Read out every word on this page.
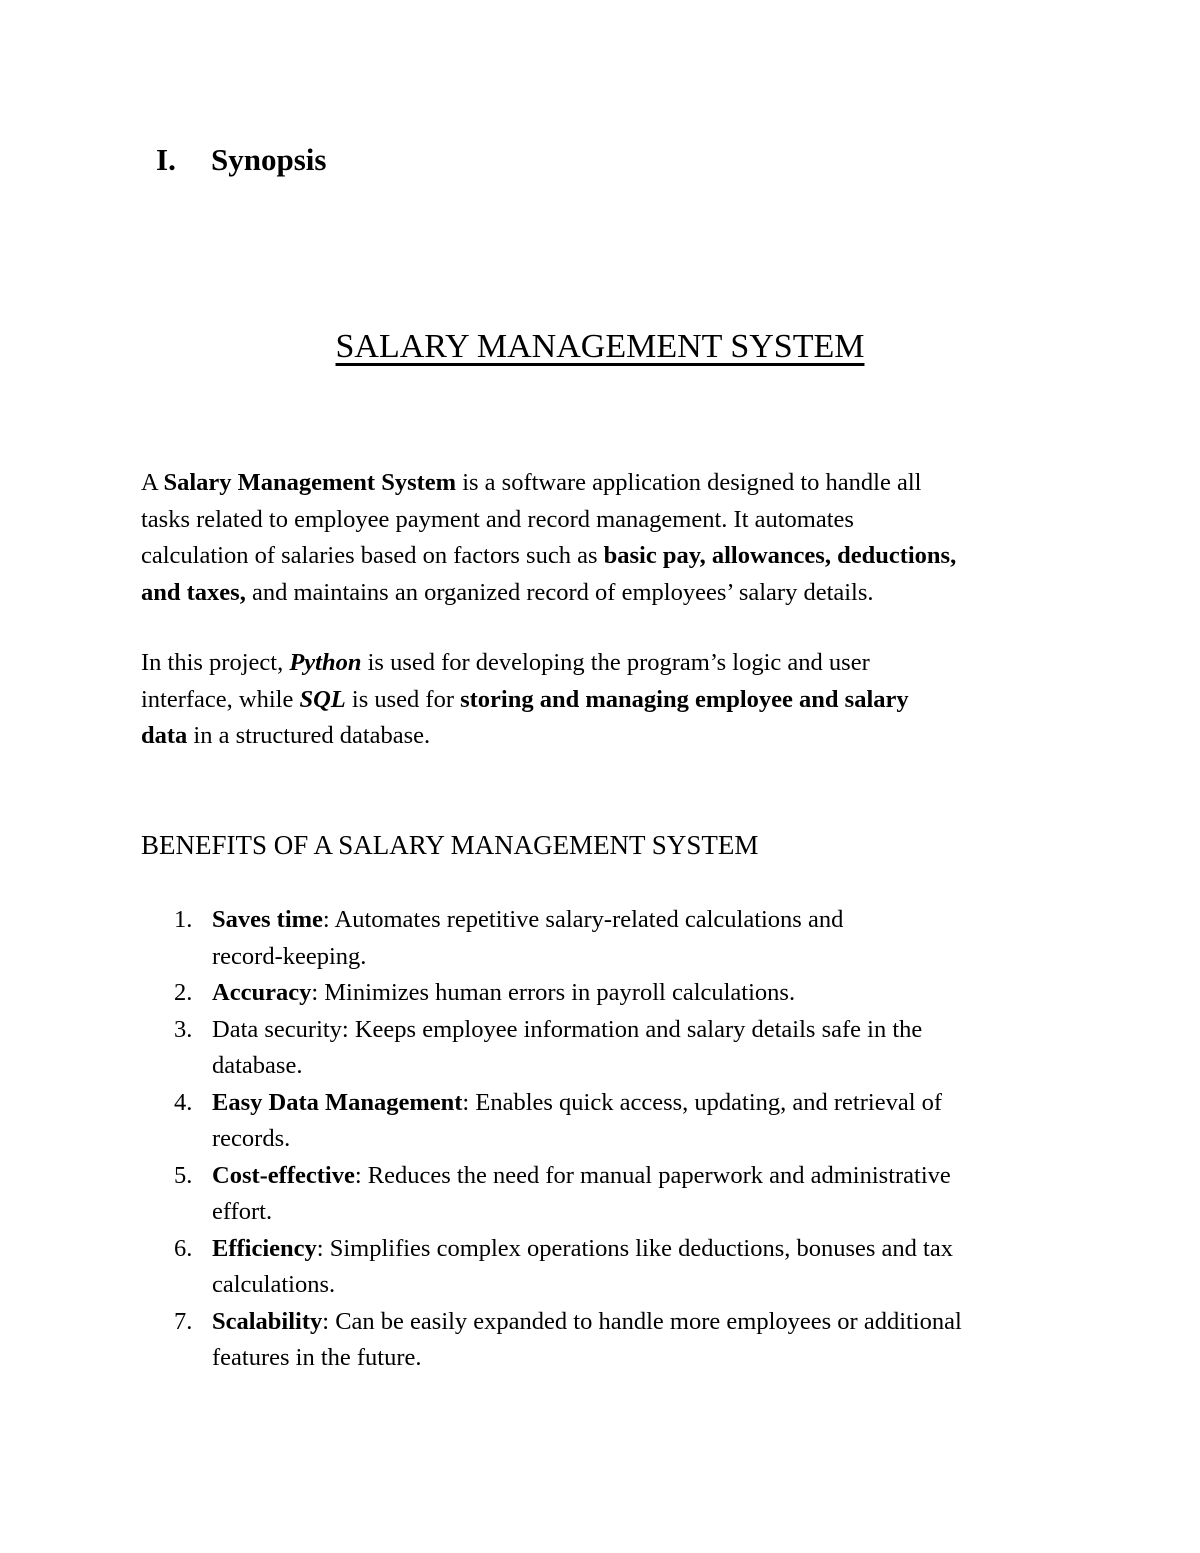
I. Synopsis
SALARY MANAGEMENT SYSTEM
A Salary Management System is a software application designed to handle all
tasks related to employee payment and record management. It automates
calculation of salaries based on factors such as basic pay, allowances, deductions,
and taxes, and maintains an organized record of employees’ salary details.
In this project, Python is used for developing the program’s logic and user
interface, while SQL is used for storing and managing employee and salary
data in a structured database.
BENEFITS OF A SALARY MANAGEMENT SYSTEM
1. Saves time: Automates repetitive salary-related calculations and
record-keeping.
2. Accuracy: Minimizes human errors in payroll calculations.
3. Data security: Keeps employee information and salary details safe in the
database.
4. Easy Data Management: Enables quick access, updating, and retrieval of
records.
5. Cost-effective: Reduces the need for manual paperwork and administrative
effort.
6. Efficiency: Simplifies complex operations like deductions, bonuses and tax
calculations.
7. Scalability: Can be easily expanded to handle more employees or additional
features in the future.
